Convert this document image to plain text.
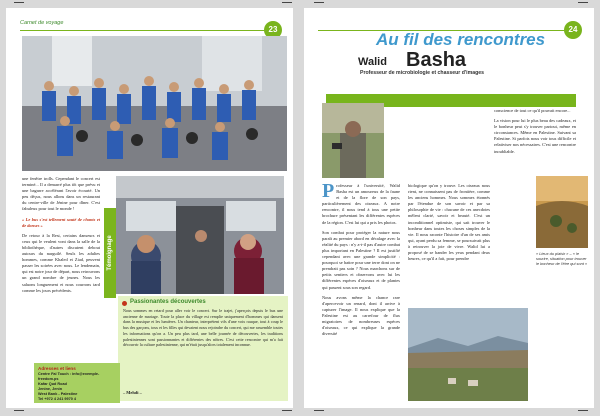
Carnet de voyage
23

une fenêtre trolls. Cependant le concert est terminé... Il a demarré plus tôt que prévu et une bagarre accélérant l'avoir écourté. Un peu déçus, nous allons dans un restaurant du centre-ville de Jénine pour dîner. C'est fabuleux pour tout le monde !

« Le bus s'est tellement sauté de chants et de danses »

De retour à la Rest, certains danseurs et ceux qui le veulent vont dans la salle de la bibliothèque, d'autres discutent debout autours du narguilé. Seuls les adultes hommes, comme Khaled et Ziad, peuvent passer les soirées avec nous. Le lendemain, qui est notre jour de départ, nous retrouvons un grand nombre de jeunes. Nous les saluons longuement et nous courrons tard comme les jours précédents.

Témoignage
Passionantes découvertes
Nous sommes en retard pour aller voir le concert. Sur le trajet, j'aperçois depuis le bus une ancienne de mariage. Toute la place du village est remplie uniquement d'hommes qui dansent dans la musique et les lumières. Un chanteur, interprètent vifs d'une voix rauque, tout à coup le bus des garçons, tous et les filles qui devaient nous rejoindre du concert, qui me rassemble toutes les informations qu'on a. Un peu plus tard, une belle journée de découvertes, les traditions palestiniennes sont passionnantes et différentes des nôtres. C'est cette rencontre qui m'a fait découvrir la culture palestinienne, qui m'était jusqu'alors totalement inconnue.
– Mehdi –
Adresses et liens
Centre Fal Touch : info@exemple-freedom.ps
Kafar Qud Road
Jenine, Jenin
West Bank - Palestine
Tel +972 4 241 9970 4
24
Au fil des rencontres
Walid Basha
Professeur de microbiologie et chasseur d'images

Professeur à l'université, Walid Basha est un amoureux de la faune et de la flore de son pays, particulièrement des oiseaux. A notre rencontre, il nous tend à tous une petite brochure présentant les différentes espèces de la région. C'est lui qui a pris les photos.

Son combat pour protéger la nature nous paraît au premier abord en décalage avec la réalité du pays : n'y a-t-il pas d'autre combat plus important en Palestine ? Il est justifié cependant avec une grande simplicité : pourquoi se battre pour une terre dont on ne prendrait pas soin ? Nous marchons sur de petits sentiers et observons avec lui les différentes espèces d'oiseaux et de plantes qui passent sous son regard.

Nous avons même la chance rare d'apercevoir un renard, dont il arrive à capturer l'image. Il nous explique que la Palestine est au carrefour de flux migratoires de nombreuses espèces d'oiseaux, ce qui explique la grande diversité

biologique qu'on y trouve. Les oiseaux nous rient, ne connaissent pas de frontière, comme les anciens hommes. Nous sommes étonnés par l'étendue de son savoir et par sa philosophie de vie : chacune de ces anecdotes mêlent clarté, savoir et beauté. C'est un inconditionnel optimiste, qui sait trouver le bonheur dans toutes les choses simples de la vie. Il nous raconte l'histoire d'un de ses amis qui, ayant perdu sa femme, se poursuivait plus à retrouver la joie de vivre. Walid lui a proposé de se bander les yeux pendant deux heures, ce qu'il a fait, pour prendre

conscience de tout ce qu'il pouvait encore...

La vision pour lui le plus beau des cadeaux, et le bonheur peut s'y trouver partout, même en circonstances. Même en Palestine. Suivant sa Palestine. Si parfois nous voir tous difficile et relativiser nos nécessaires. C'est une rencontre inoubliable.

« Lieux du plaisir » – « le sourire, situation pour trouver le bonheur de l'être qui sont »
